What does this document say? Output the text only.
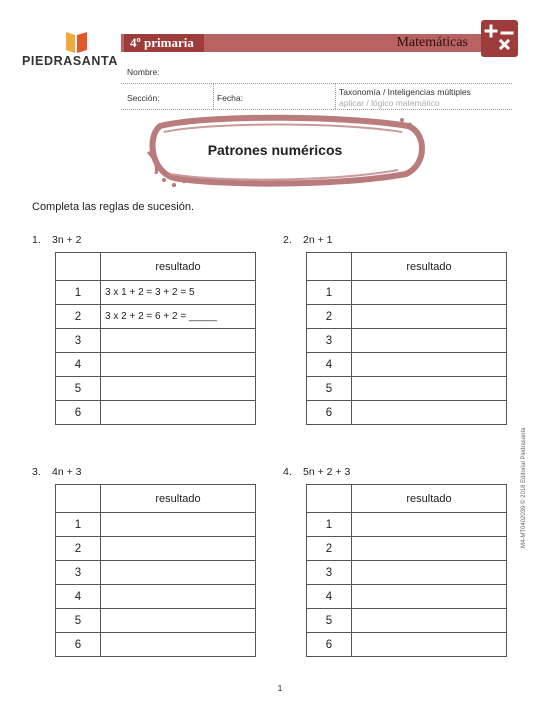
PIEDRASANTA
4º primaria	Matemáticas
Nombre:
Sección:	Fecha:
Taxonomía / Inteligencias múltiples
aplicar / lógico matemático
Patrones numéricos
Completa las reglas de sucesión.
1. 3n + 2	2. 2n + 1
3. 4n + 3	4. 5n + 2 + 3
	resultado
1	3 x 1 + 2 = 3 + 2 = 5
2	3 x 2 + 2 = 6 + 2 = _____
3	
4	
5	
6	
	resultado
1	
2	
3	
4	
5	
6	
	resultado
1	
2	
3	
4	
5	
6	
	resultado
1	
2	
3	
4	
5	
6	
M4-MT0402039 © 2018 Editorial Piedrasanta
1
